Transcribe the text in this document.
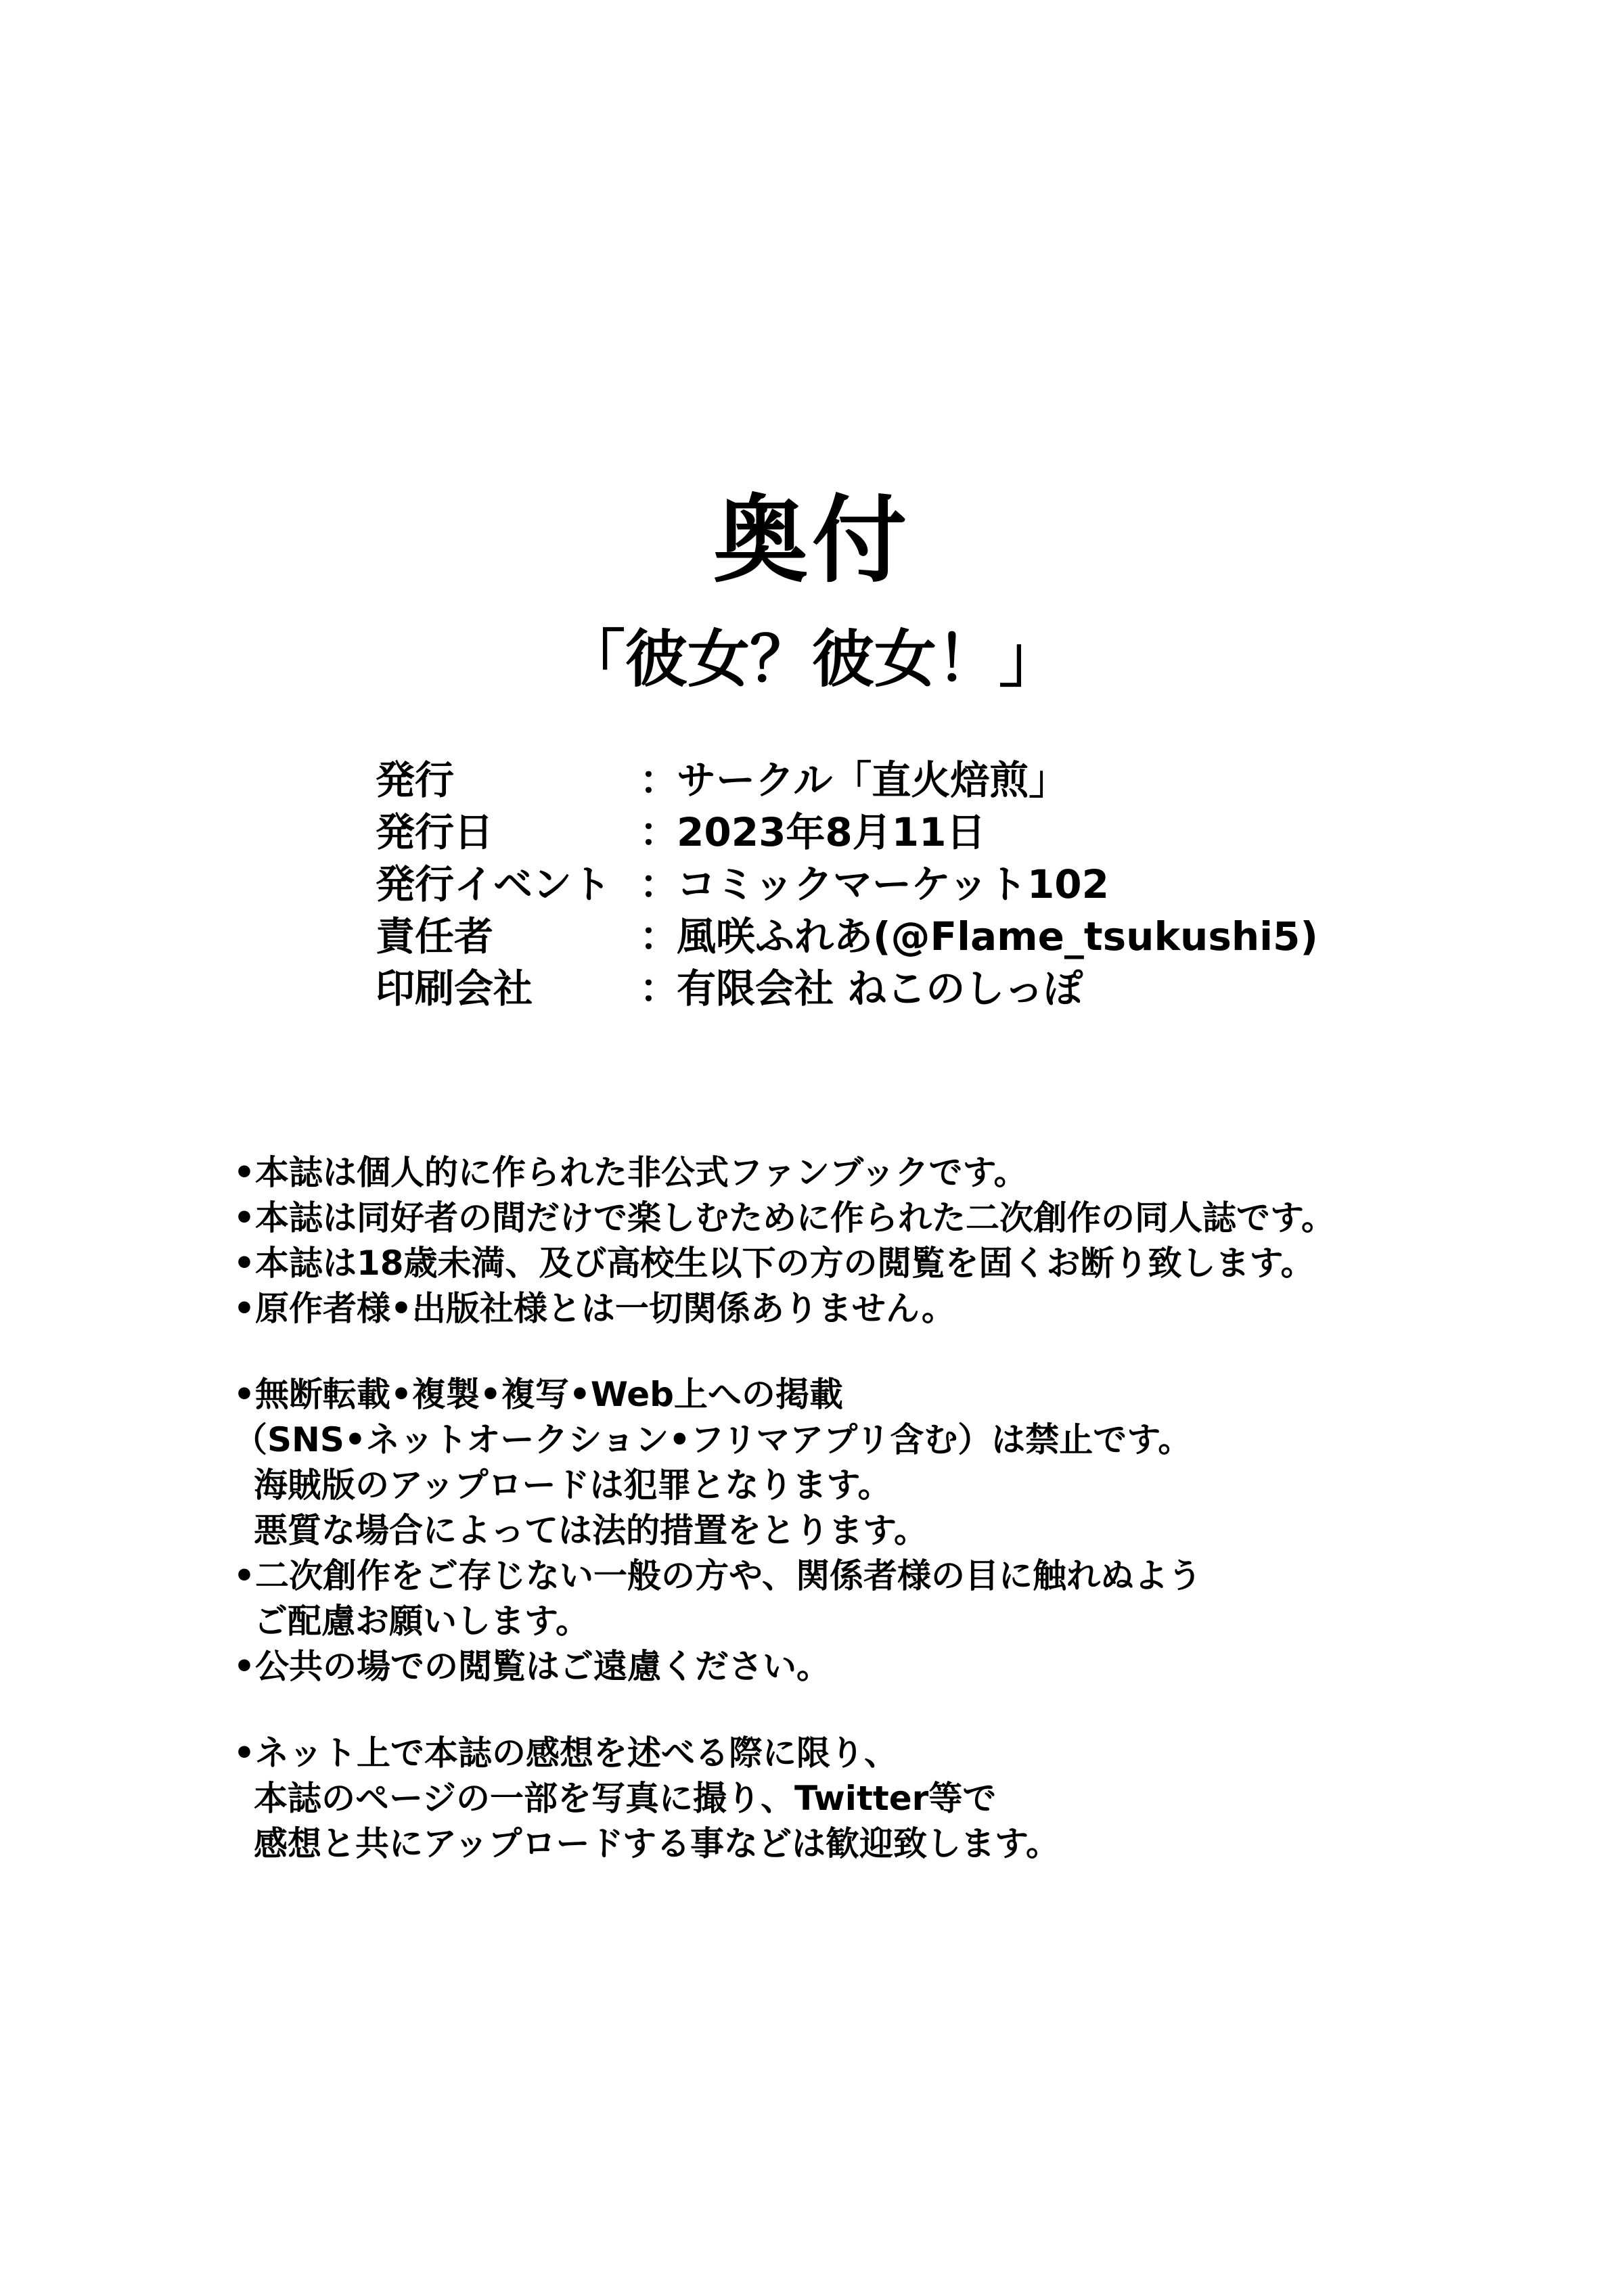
奥付
「彼女？彼女！」
発行	：
サークル「直火焙煎」
発行日	：
2023年8月11日
発行イベント ：
コミックマーケット102
責任者	：
風咲ふれあ(@Flame_tsukushi5)
印刷会社	：
有限会社 ねこのしっぽ
•本誌は個人的に作られた非公式ファンブックです。
•本誌は同好者の間だけで楽しむために作られた二次創作の同人誌です。
•本誌は18歳未満、及び高校生以下の方の閲覧を固くお断り致します。
•原作者様•出版社様とは一切関係ありません。
•無断転載•複製•複写•Web上への掲載
（SNS•ネットオークション•フリマアプリ含む）は禁止です。
海賊版のアップロードは犯罪となります。
悪質な場合によっては法的措置をとります。
•二次創作をご存じない一般の方や、関係者様の目に触れぬよう
ご配慮お願いします。
•公共の場での閲覧はご遠慮ください。
•ネット上で本誌の感想を述べる際に限り、
本誌のページの一部を写真に撮り、Twitter等で
感想と共にアップロードする事などは歓迎致します。
